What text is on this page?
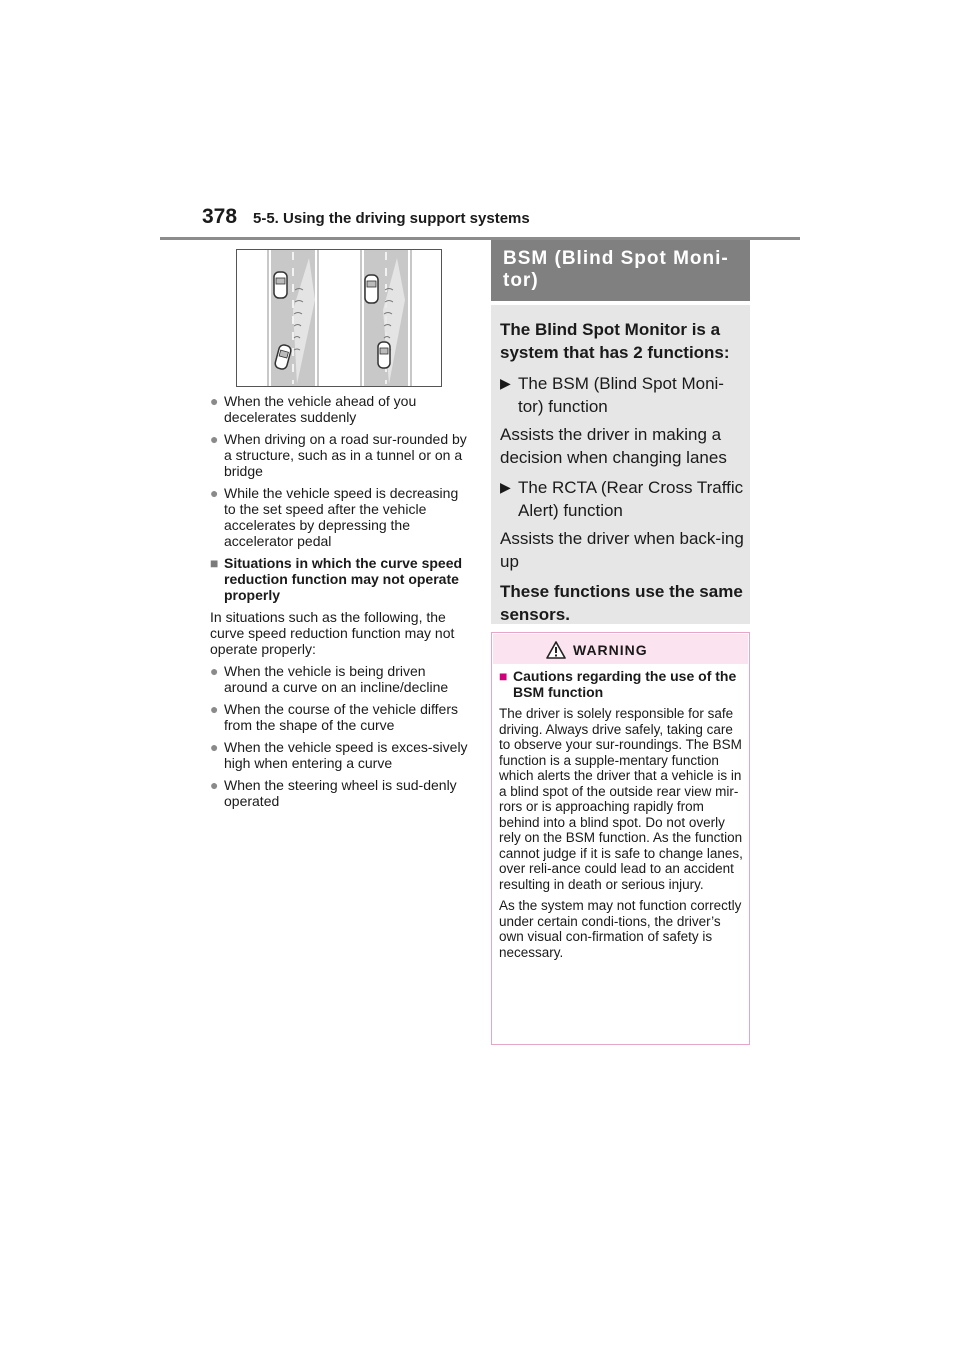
378 5-5. Using the driving support systems
● When the vehicle ahead of you decelerates suddenly
● When driving on a road sur-rounded by a structure, such as in a tunnel or on a bridge
● While the vehicle speed is decreasing to the set speed after the vehicle accelerates by depressing the accelerator pedal
■ Situations in which the curve speed reduction function may not operate properly
In situations such as the following, the curve speed reduction function may not operate properly:
● When the vehicle is being driven around a curve on an incline/decline
● When the course of the vehicle differs from the shape of the curve
● When the vehicle speed is exces-sively high when entering a curve
● When the steering wheel is sud-denly operated
BSM (Blind Spot Moni-tor)
The Blind Spot Monitor is a system that has 2 functions:
▶ The BSM (Blind Spot Moni-tor) function
Assists the driver in making a decision when changing lanes
▶ The RCTA (Rear Cross Traffic Alert) function
Assists the driver when back-ing up
These functions use the same sensors.
WARNING
■ Cautions regarding the use of the BSM function
The driver is solely responsible for safe driving. Always drive safely, taking care to observe your sur-roundings. The BSM function is a supple-mentary function which alerts the driver that a vehicle is in a blind spot of the outside rear view mir-rors or is approaching rapidly from behind into a blind spot. Do not overly rely on the BSM function. As the function cannot judge if it is safe to change lanes, over reli-ance could lead to an accident resulting in death or serious injury.
As the system may not function correctly under certain condi-tions, the driver’s own visual con-firmation of safety is necessary.
